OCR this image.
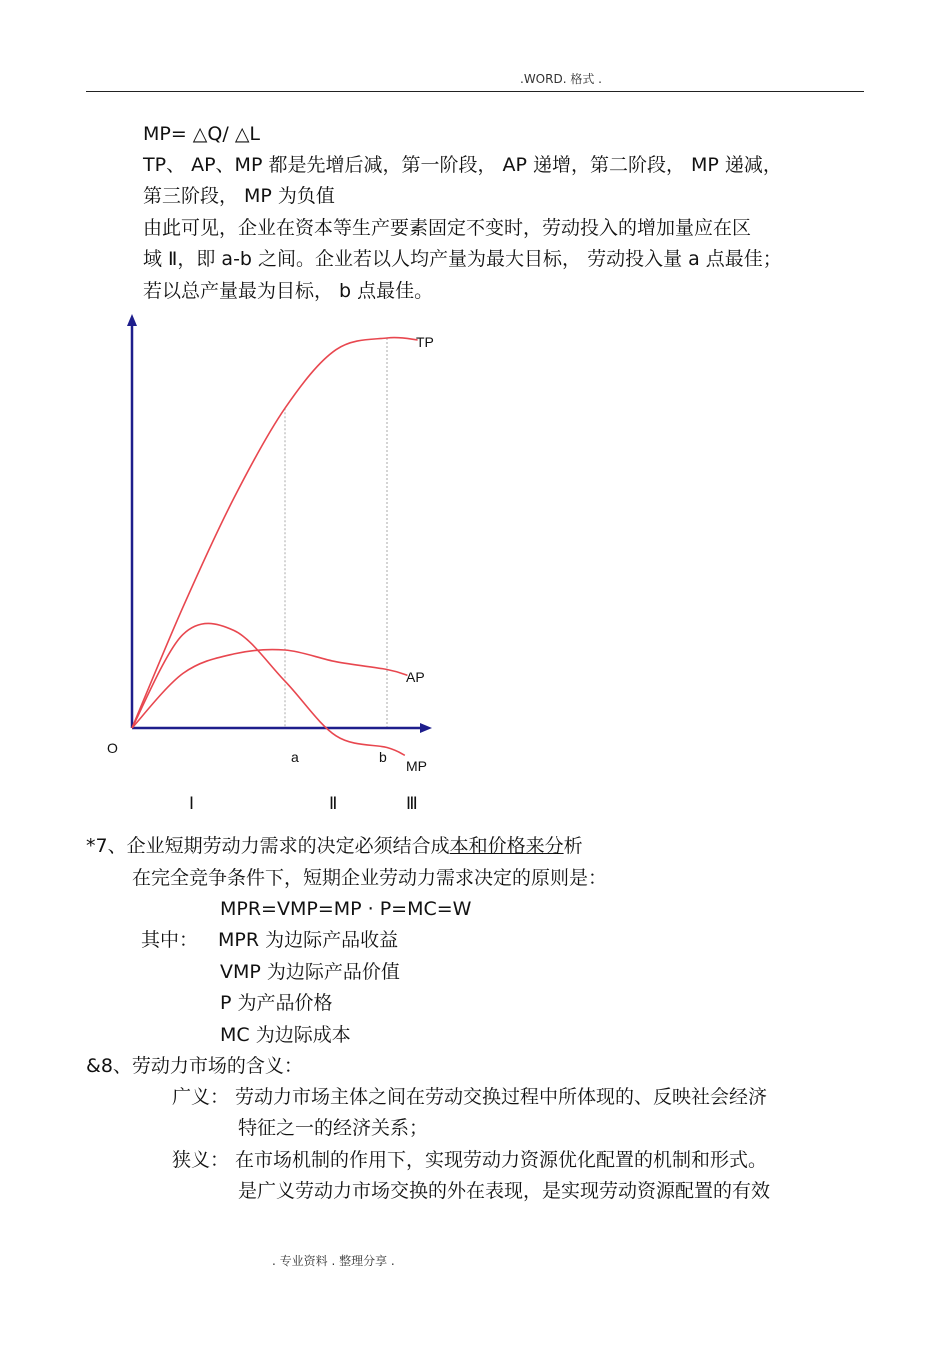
.WORD. 格式 .
MP= △Q/ △L
TP、 AP、MP 都是先增后减，第一阶段， AP 递增，第二阶段， MP 递减，
第三阶段， MP 为负值
由此可见，企业在资本等生产要素固定不变时，劳动投入的增加量应在区
域 Ⅱ，即 a-b 之间。企业若以人均产量为最大目标， 劳动投入量 a 点最佳；
若以总产量最为目标， b 点最佳。
TP
AP
MP
O
a	b
Ⅰ	Ⅱ	Ⅲ
*7、企业短期劳动力需求的决定必须结合成本和价格来分析
在完全竞争条件下，短期企业劳动力需求决定的原则是：
MPR=VMP=MP · P=MC=W
其中： MPR 为边际产品收益
VMP 为边际产品价值
P 为产品价格
MC 为边际成本
&8、劳动力市场的含义：
广义： 劳动力市场主体之间在劳动交换过程中所体现的、反映社会经济
特征之一的经济关系；
狭义： 在市场机制的作用下，实现劳动力资源优化配置的机制和形式。
是广义劳动力市场交换的外在表现，是实现劳动资源配置的有效
. 专业资料 . 整理分享 .
